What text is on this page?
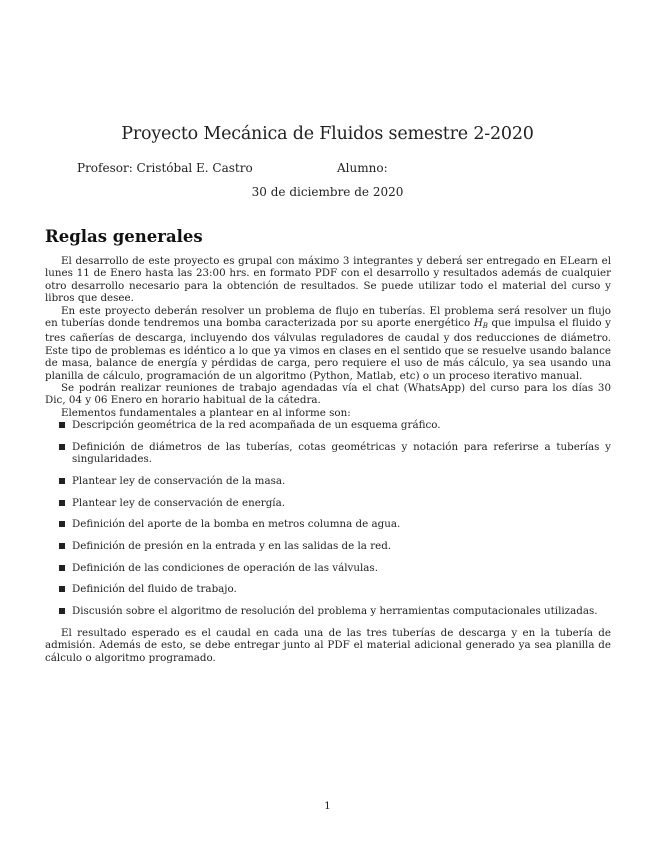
Proyecto Mecánica de Fluidos semestre 2-2020
Profesor: Cristóbal E. Castro	Alumno:
30 de diciembre de 2020
Reglas generales

El desarrollo de este proyecto es grupal con máximo 3 integrantes y deberá ser entregado en ELearn el lunes 11 de Enero hasta las 23:00 hrs. en formato PDF con el desarrollo y resultados además de cualquier otro desarrollo necesario para la obtención de resultados. Se puede utilizar todo el material del curso y libros que desee.

En este proyecto deberán resolver un problema de flujo en tuberías. El problema será resolver un flujo en tuberías donde tendremos una bomba caracterizada por su aporte energético $H_B$ que impulsa el fluido y tres cañerías de descarga, incluyendo dos válvulas reguladores de caudal y dos reducciones de diámetro. Este tipo de problemas es idéntico a lo que ya vimos en clases en el sentido que se resuelve usando balance de masa, balance de energía y pérdidas de carga, pero requiere el uso de más cálculo, ya sea usando una planilla de cálculo, programación de un algoritmo (Python, Matlab, etc) o un proceso iterativo manual.

Se podrán realizar reuniones de trabajo agendadas vía el chat (WhatsApp) del curso para los días 30 Dic, 04 y 06 Enero en horario habitual de la cátedra.

Elementos fundamentales a plantear en al informe son:

Descripción geométrica de la red acompañada de un esquema gráfico.
Definición de diámetros de las tuberías, cotas geométricas y notación para referirse a tuberías y singularidades.
Plantear ley de conservación de la masa.
Plantear ley de conservación de energía.
Definición del aporte de la bomba en metros columna de agua.
Definición de presión en la entrada y en las salidas de la red.
Definición de las condiciones de operación de las válvulas.
Definición del fluido de trabajo.
Discusión sobre el algoritmo de resolución del problema y herramientas computacionales utilizadas.

El resultado esperado es el caudal en cada una de las tres tuberías de descarga y en la tubería de admisión. Además de esto, se debe entregar junto al PDF el material adicional generado ya sea planilla de cálculo o algoritmo programado.

1
